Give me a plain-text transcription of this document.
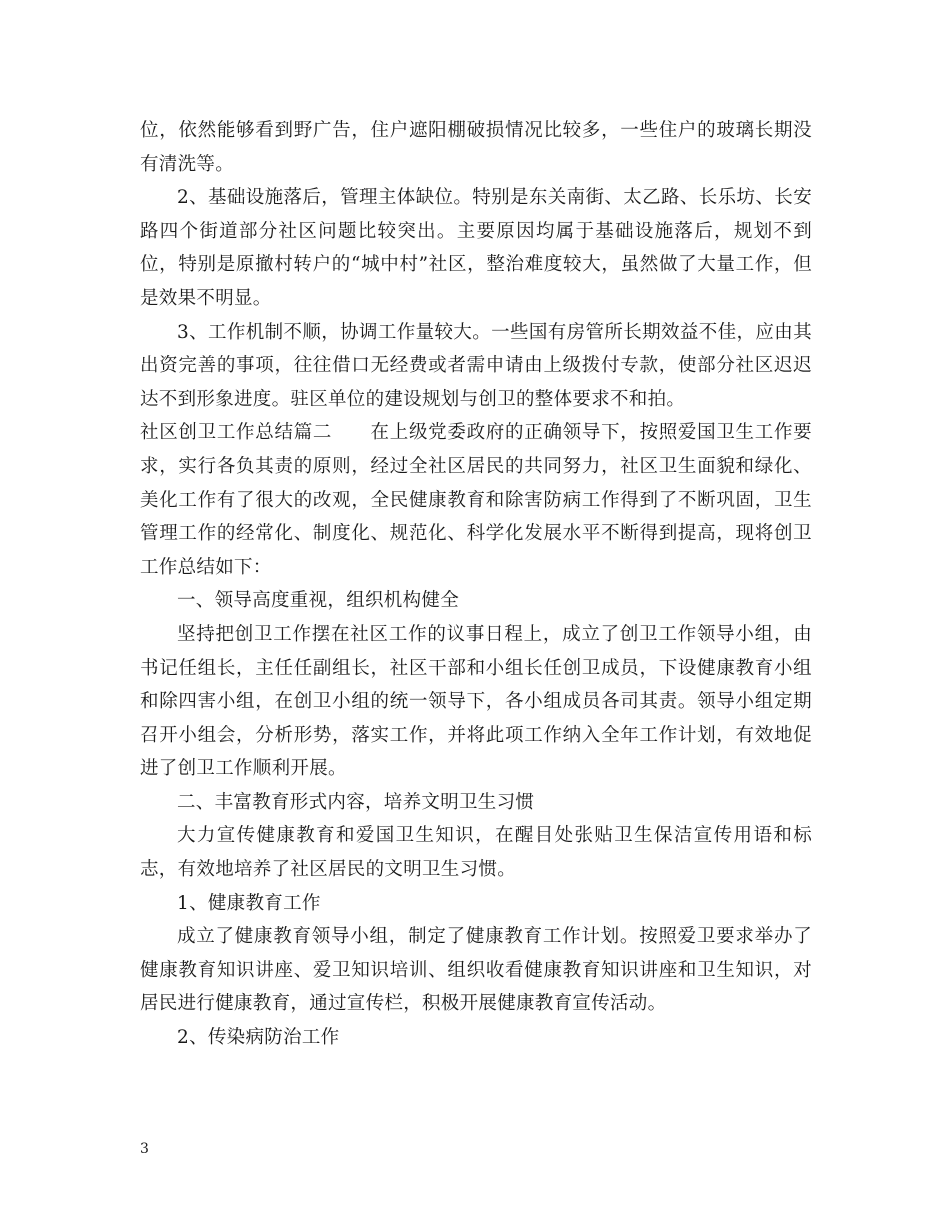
位，依然能够看到野广告，住户遮阳棚破损情况比较多，一些住户的玻璃长期没有清洗等。

2、基础设施落后，管理主体缺位。特别是东关南街、太乙路、长乐坊、长安路四个街道部分社区问题比较突出。主要原因均属于基础设施落后，规划不到位，特别是原撤村转户的“城中村”社区，整治难度较大，虽然做了大量工作，但是效果不明显。

3、工作机制不顺，协调工作量较大。一些国有房管所长期效益不佳，应由其出资完善的事项，往往借口无经费或者需申请由上级拨付专款，使部分社区迟迟达不到形象进度。驻区单位的建设规划与创卫的整体要求不和拍。

社区创卫工作总结篇二　　在上级党委政府的正确领导下，按照爱国卫生工作要求，实行各负其责的原则，经过全社区居民的共同努力，社区卫生面貌和绿化、美化工作有了很大的改观，全民健康教育和除害防病工作得到了不断巩固，卫生管理工作的经常化、制度化、规范化、科学化发展水平不断得到提高，现将创卫工作总结如下：

一、领导高度重视，组织机构健全

坚持把创卫工作摆在社区工作的议事日程上，成立了创卫工作领导小组，由书记任组长，主任任副组长，社区干部和小组长任创卫成员，下设健康教育小组和除四害小组，在创卫小组的统一领导下，各小组成员各司其责。领导小组定期召开小组会，分析形势，落实工作，并将此项工作纳入全年工作计划，有效地促进了创卫工作顺利开展。

二、丰富教育形式内容，培养文明卫生习惯

大力宣传健康教育和爱国卫生知识，在醒目处张贴卫生保洁宣传用语和标志，有效地培养了社区居民的文明卫生习惯。

1、健康教育工作

成立了健康教育领导小组，制定了健康教育工作计划。按照爱卫要求举办了健康教育知识讲座、爱卫知识培训、组织收看健康教育知识讲座和卫生知识，对居民进行健康教育，通过宣传栏，积极开展健康教育宣传活动。

2、传染病防治工作

3
